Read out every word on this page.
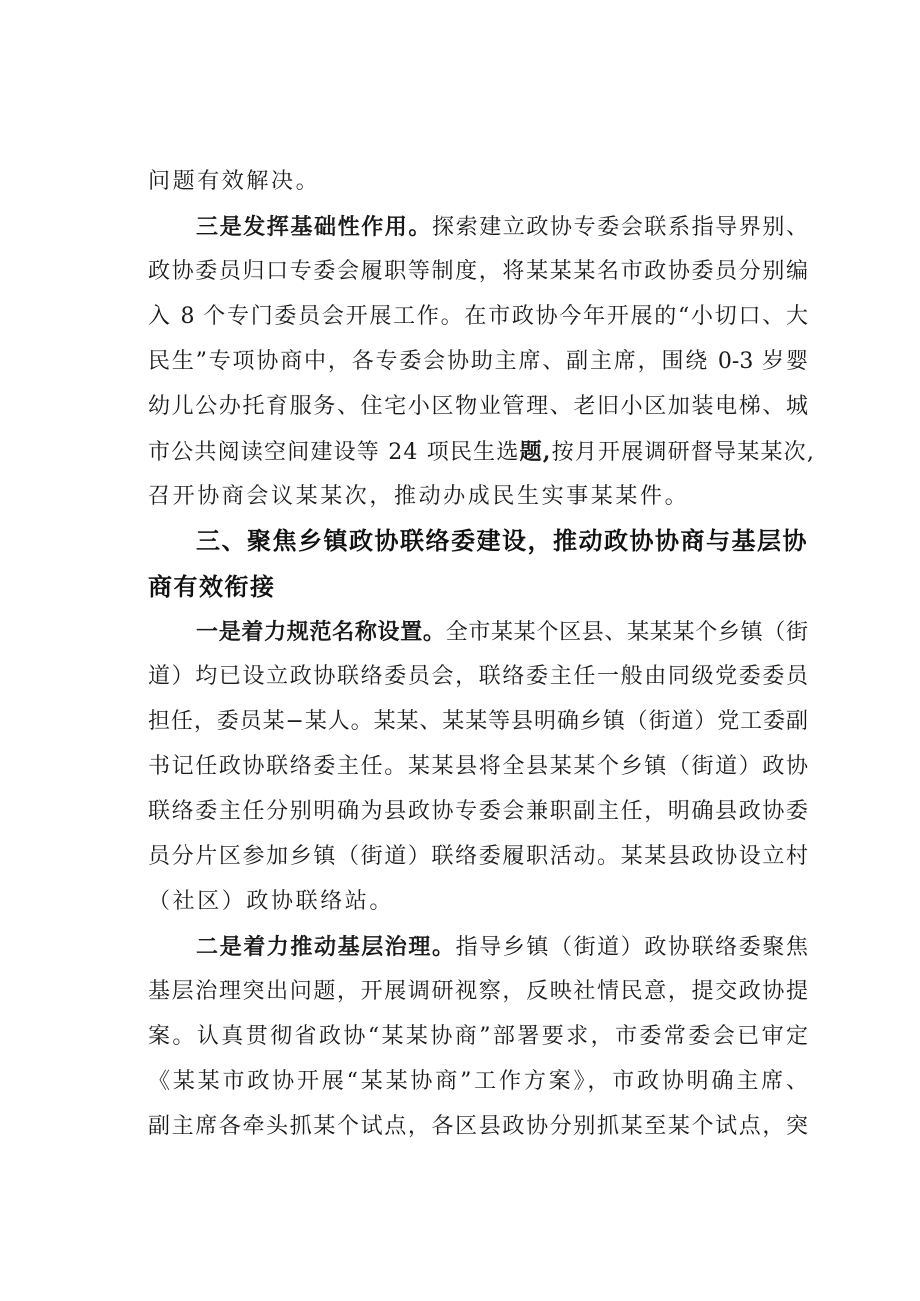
问题有效解决。
三是发挥基础性作用。探索建立政协专委会联系指导界别、
政协委员归口专委会履职等制度，将某某某名市政协委员分别编
入 8 个专门委员会开展工作。在市政协今年开展的“小切口、大
民生”专项协商中，各专委会协助主席、副主席，围绕 0-3 岁婴
幼儿公办托育服务、住宅小区物业管理、老旧小区加装电梯、城
市公共阅读空间建设等 24 项民生选题,按月开展调研督导某某次,
召开协商会议某某次，推动办成民生实事某某件。
三、聚焦乡镇政协联络委建设，推动政协协商与基层协
商有效衔接
一是着力规范名称设置。全市某某个区县、某某某个乡镇（街
道）均已设立政协联络委员会，联络委主任一般由同级党委委员
担任，委员某−某人。某某、某某等县明确乡镇（街道）党工委副
书记任政协联络委主任。某某县将全县某某个乡镇（街道）政协
联络委主任分别明确为县政协专委会兼职副主任，明确县政协委
员分片区参加乡镇（街道）联络委履职活动。某某县政协设立村
（社区）政协联络站。
二是着力推动基层治理。指导乡镇（街道）政协联络委聚焦
基层治理突出问题，开展调研视察，反映社情民意，提交政协提
案。认真贯彻省政协“某某协商”部署要求，市委常委会已审定
《某某市政协开展“某某协商”工作方案》，市政协明确主席、
副主席各牵头抓某个试点，各区县政协分别抓某至某个试点，突
